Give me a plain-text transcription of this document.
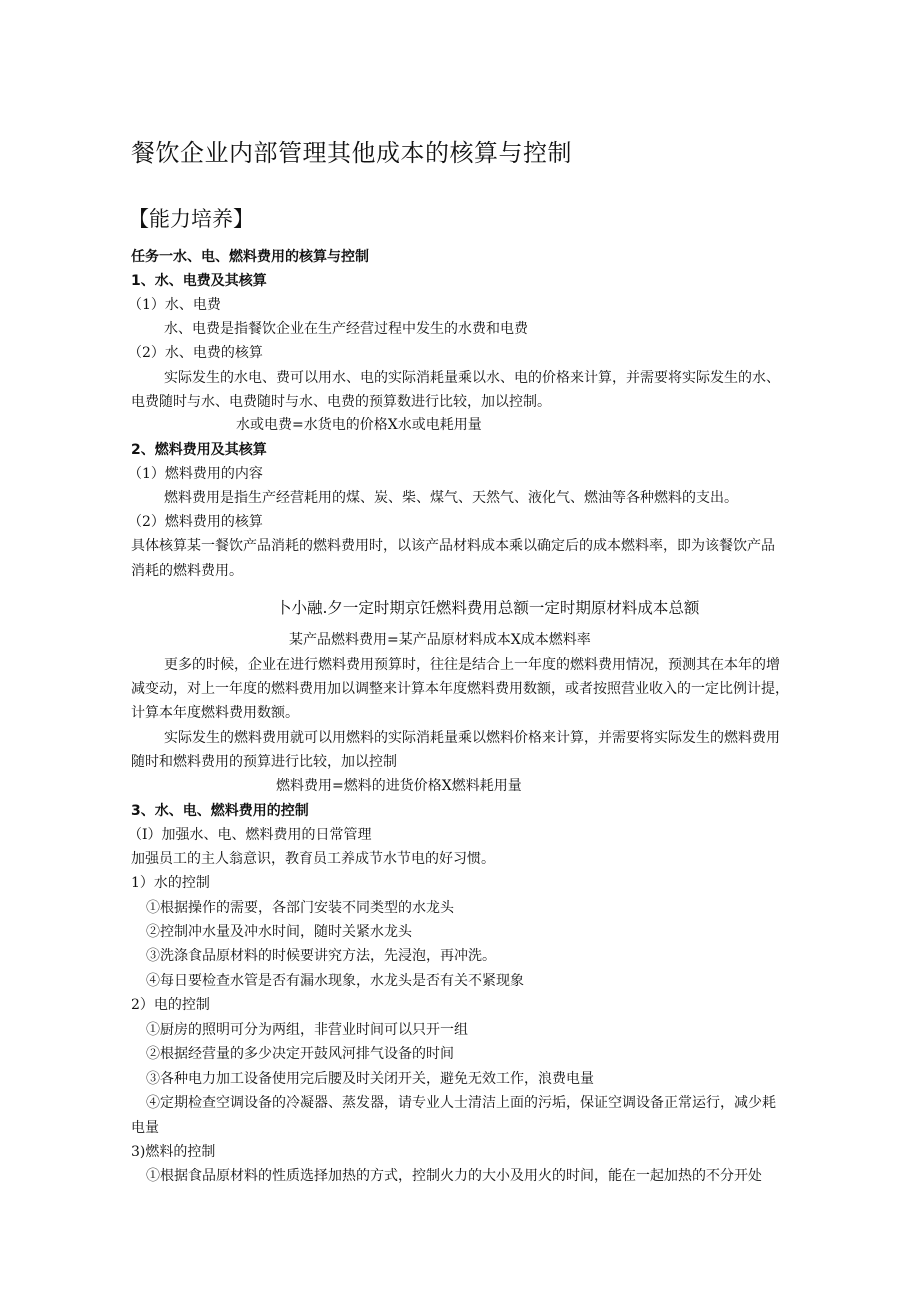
餐饮企业内部管理其他成本的核算与控制
【能力培养】
任务一水、电、燃料费用的核算与控制
1、水、电费及其核算
（1）水、电费
水、电费是指餐饮企业在生产经营过程中发生的水费和电费
（2）水、电费的核算
实际发生的水电、费可以用水、电的实际消耗量乘以水、电的价格来计算，并需要将实际发生的水、
电费随时与水、电费随时与水、电费的预算数进行比较，加以控制。
水或电费=水货电的价格X水或电耗用量
2、燃料费用及其核算
（1）燃料费用的内容
燃料费用是指生产经营耗用的煤、炭、柴、煤气、天然气、液化气、燃油等各种燃料的支出。
（2）燃料费用的核算
具体核算某一餐饮产品消耗的燃料费用时，以该产品材料成本乘以确定后的成本燃料率，即为该餐饮产品
消耗的燃料费用。
卜小融.夕一定时期京饪燃料费用总额一定时期原材料成本总额
某产品燃料费用=某产品原材料成本X成本燃料率
更多的时候，企业在进行燃料费用预算时，往往是结合上一年度的燃料费用情况，预测其在本年的增
减变动，对上一年度的燃料费用加以调整来计算本年度燃料费用数额，或者按照营业收入的一定比例计提，
计算本年度燃料费用数额。
实际发生的燃料费用就可以用燃料的实际消耗量乘以燃料价格来计算，并需要将实际发生的燃料费用
随时和燃料费用的预算进行比较，加以控制
燃料费用=燃料的进货价格X燃料耗用量
3、水、电、燃料费用的控制
（I）加强水、电、燃料费用的日常管理
加强员工的主人翁意识，教育员工养成节水节电的好习惯。
1）水的控制
①根据操作的需要，各部门安装不同类型的水龙头
②控制冲水量及冲水时间，随时关紧水龙头
③洗涤食品原材料的时候要讲究方法，先浸泡，再冲洗。
④每日要检查水管是否有漏水现象，水龙头是否有关不紧现象
2）电的控制
①厨房的照明可分为两组，非营业时间可以只开一组
②根据经营量的多少决定开鼓风河排气设备的时间
③各种电力加工设备使用完后腰及时关闭开关，避免无效工作，浪费电量
④定期检查空调设备的冷凝器、蒸发器，请专业人士清洁上面的污垢，保证空调设备正常运行，减少耗
电量
3)燃料的控制
①根据食品原材料的性质选择加热的方式，控制火力的大小及用火的时间，能在一起加热的不分开处
